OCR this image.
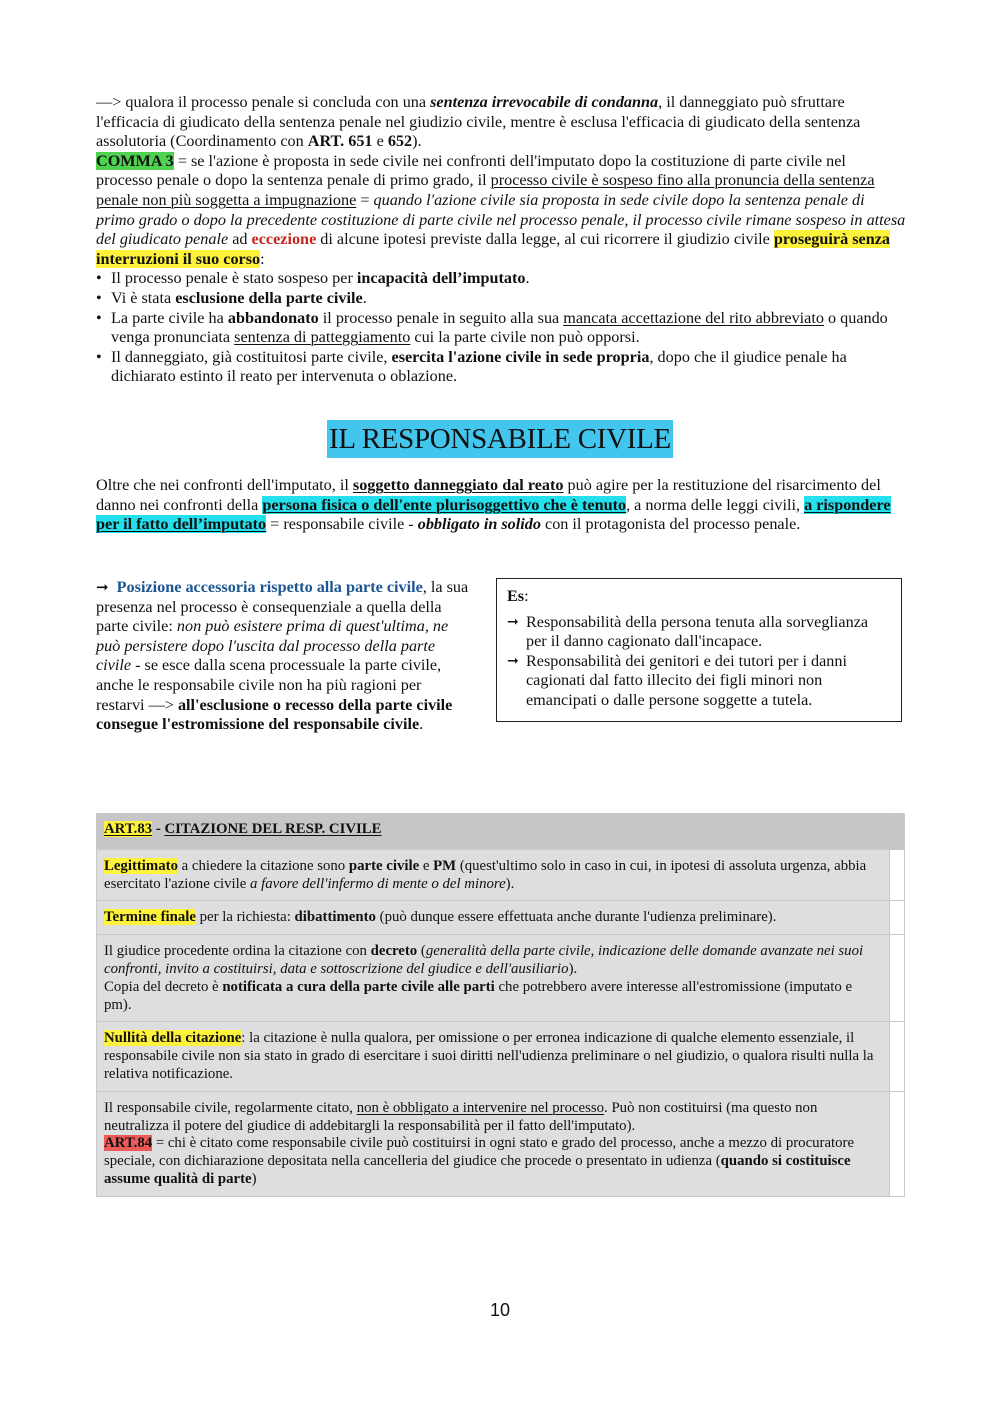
—> qualora il processo penale si concluda con una sentenza irrevocabile di condanna, il danneggiato può sfruttare l'efficacia di giudicato della sentenza penale nel giudizio civile, mentre è esclusa l'efficacia di giudicato della sentenza assolutoria (Coordinamento con ART. 651 e 652).

COMMA 3 = se l'azione è proposta in sede civile nei confronti dell'imputato dopo la costituzione di parte civile nel processo penale o dopo la sentenza penale di primo grado, il processo civile è sospeso fino alla pronuncia della sentenza penale non più soggetta a impugnazione = quando l'azione civile sia proposta in sede civile dopo la sentenza penale di primo grado o dopo la precedente costituzione di parte civile nel processo penale, il processo civile rimane sospeso in attesa del giudicato penale ad eccezione di alcune ipotesi previste dalla legge, al cui ricorrere il giudizio civile proseguirà senza interruzioni il suo corso:

• Il processo penale è stato sospeso per incapacità dell’imputato.
• Vi è stata esclusione della parte civile.
• La parte civile ha abbandonato il processo penale in seguito alla sua mancata accettazione del rito abbreviato o quando venga pronunciata sentenza di patteggiamento cui la parte civile non può opporsi.
• Il danneggiato, già costituitosi parte civile, esercita l'azione civile in sede propria, dopo che il giudice penale ha dichiarato estinto il reato per intervenuta o oblazione.
IL RESPONSABILE CIVILE

Oltre che nei confronti dell'imputato, il soggetto danneggiato dal reato può agire per la restituzione del risarcimento del danno nei confronti della persona fisica o dell'ente plurisoggettivo che è tenuto, a norma delle leggi civili, a rispondere per il fatto dell’imputato = responsabile civile - obbligato in solido con il protagonista del processo penale.

➞ Posizione accessoria rispetto alla parte civile, la sua presenza nel processo è consequenziale a quella della parte civile: non può esistere prima di quest'ultima, ne può persistere dopo l'uscita dal processo della parte civile - se esce dalla scena processuale la parte civile, anche le responsabile civile non ha più ragioni per restarvi —> all'esclusione o recesso della parte civile consegue l'estromissione del responsabile civile.

Es:

➞ Responsabilità della persona tenuta alla sorveglianza per il danno cagionato dall'incapace.

➞ Responsabilità dei genitori e dei tutori per i danni cagionati dal fatto illecito dei figli minori non emancipati o dalle persone soggette a tutela.

ART.83 - CITAZIONE DEL RESP. CIVILE	
Legittimato a chiedere la citazione sono parte civile e PM (quest'ultimo solo in caso in cui, in ipotesi di assoluta urgenza, abbia esercitato l'azione civile a favore dell'infermo di mente o del minore).	
Termine finale per la richiesta: dibattimento (può dunque essere effettuata anche durante l'udienza preliminare).	
Il giudice procedente ordina la citazione con decreto (generalità della parte civile, indicazione delle domande avanzate nei suoi confronti, invito a costituirsi, data e sottoscrizione del giudice e dell'ausiliario).
Copia del decreto è notificata a cura della parte civile alle parti che potrebbero avere interesse all'estromissione (imputato e pm).	
Nullità della citazione: la citazione è nulla qualora, per omissione o per erronea indicazione di qualche elemento essenziale, il responsabile civile non sia stato in grado di esercitare i suoi diritti nell'udienza preliminare o nel giudizio, o qualora risulti nulla la relativa notificazione.	
Il responsabile civile, regolarmente citato, non è obbligato a intervenire nel processo. Può non costituirsi (ma questo non neutralizza il potere del giudice di addebitargli la responsabilità per il fatto dell'imputato).
ART.84 = chi è citato come responsabile civile può costituirsi in ogni stato e grado del processo, anche a mezzo di procuratore speciale, con dichiarazione depositata nella cancelleria del giudice che procede o presentato in udienza (quando si costituisce assume qualità di parte)	
10
